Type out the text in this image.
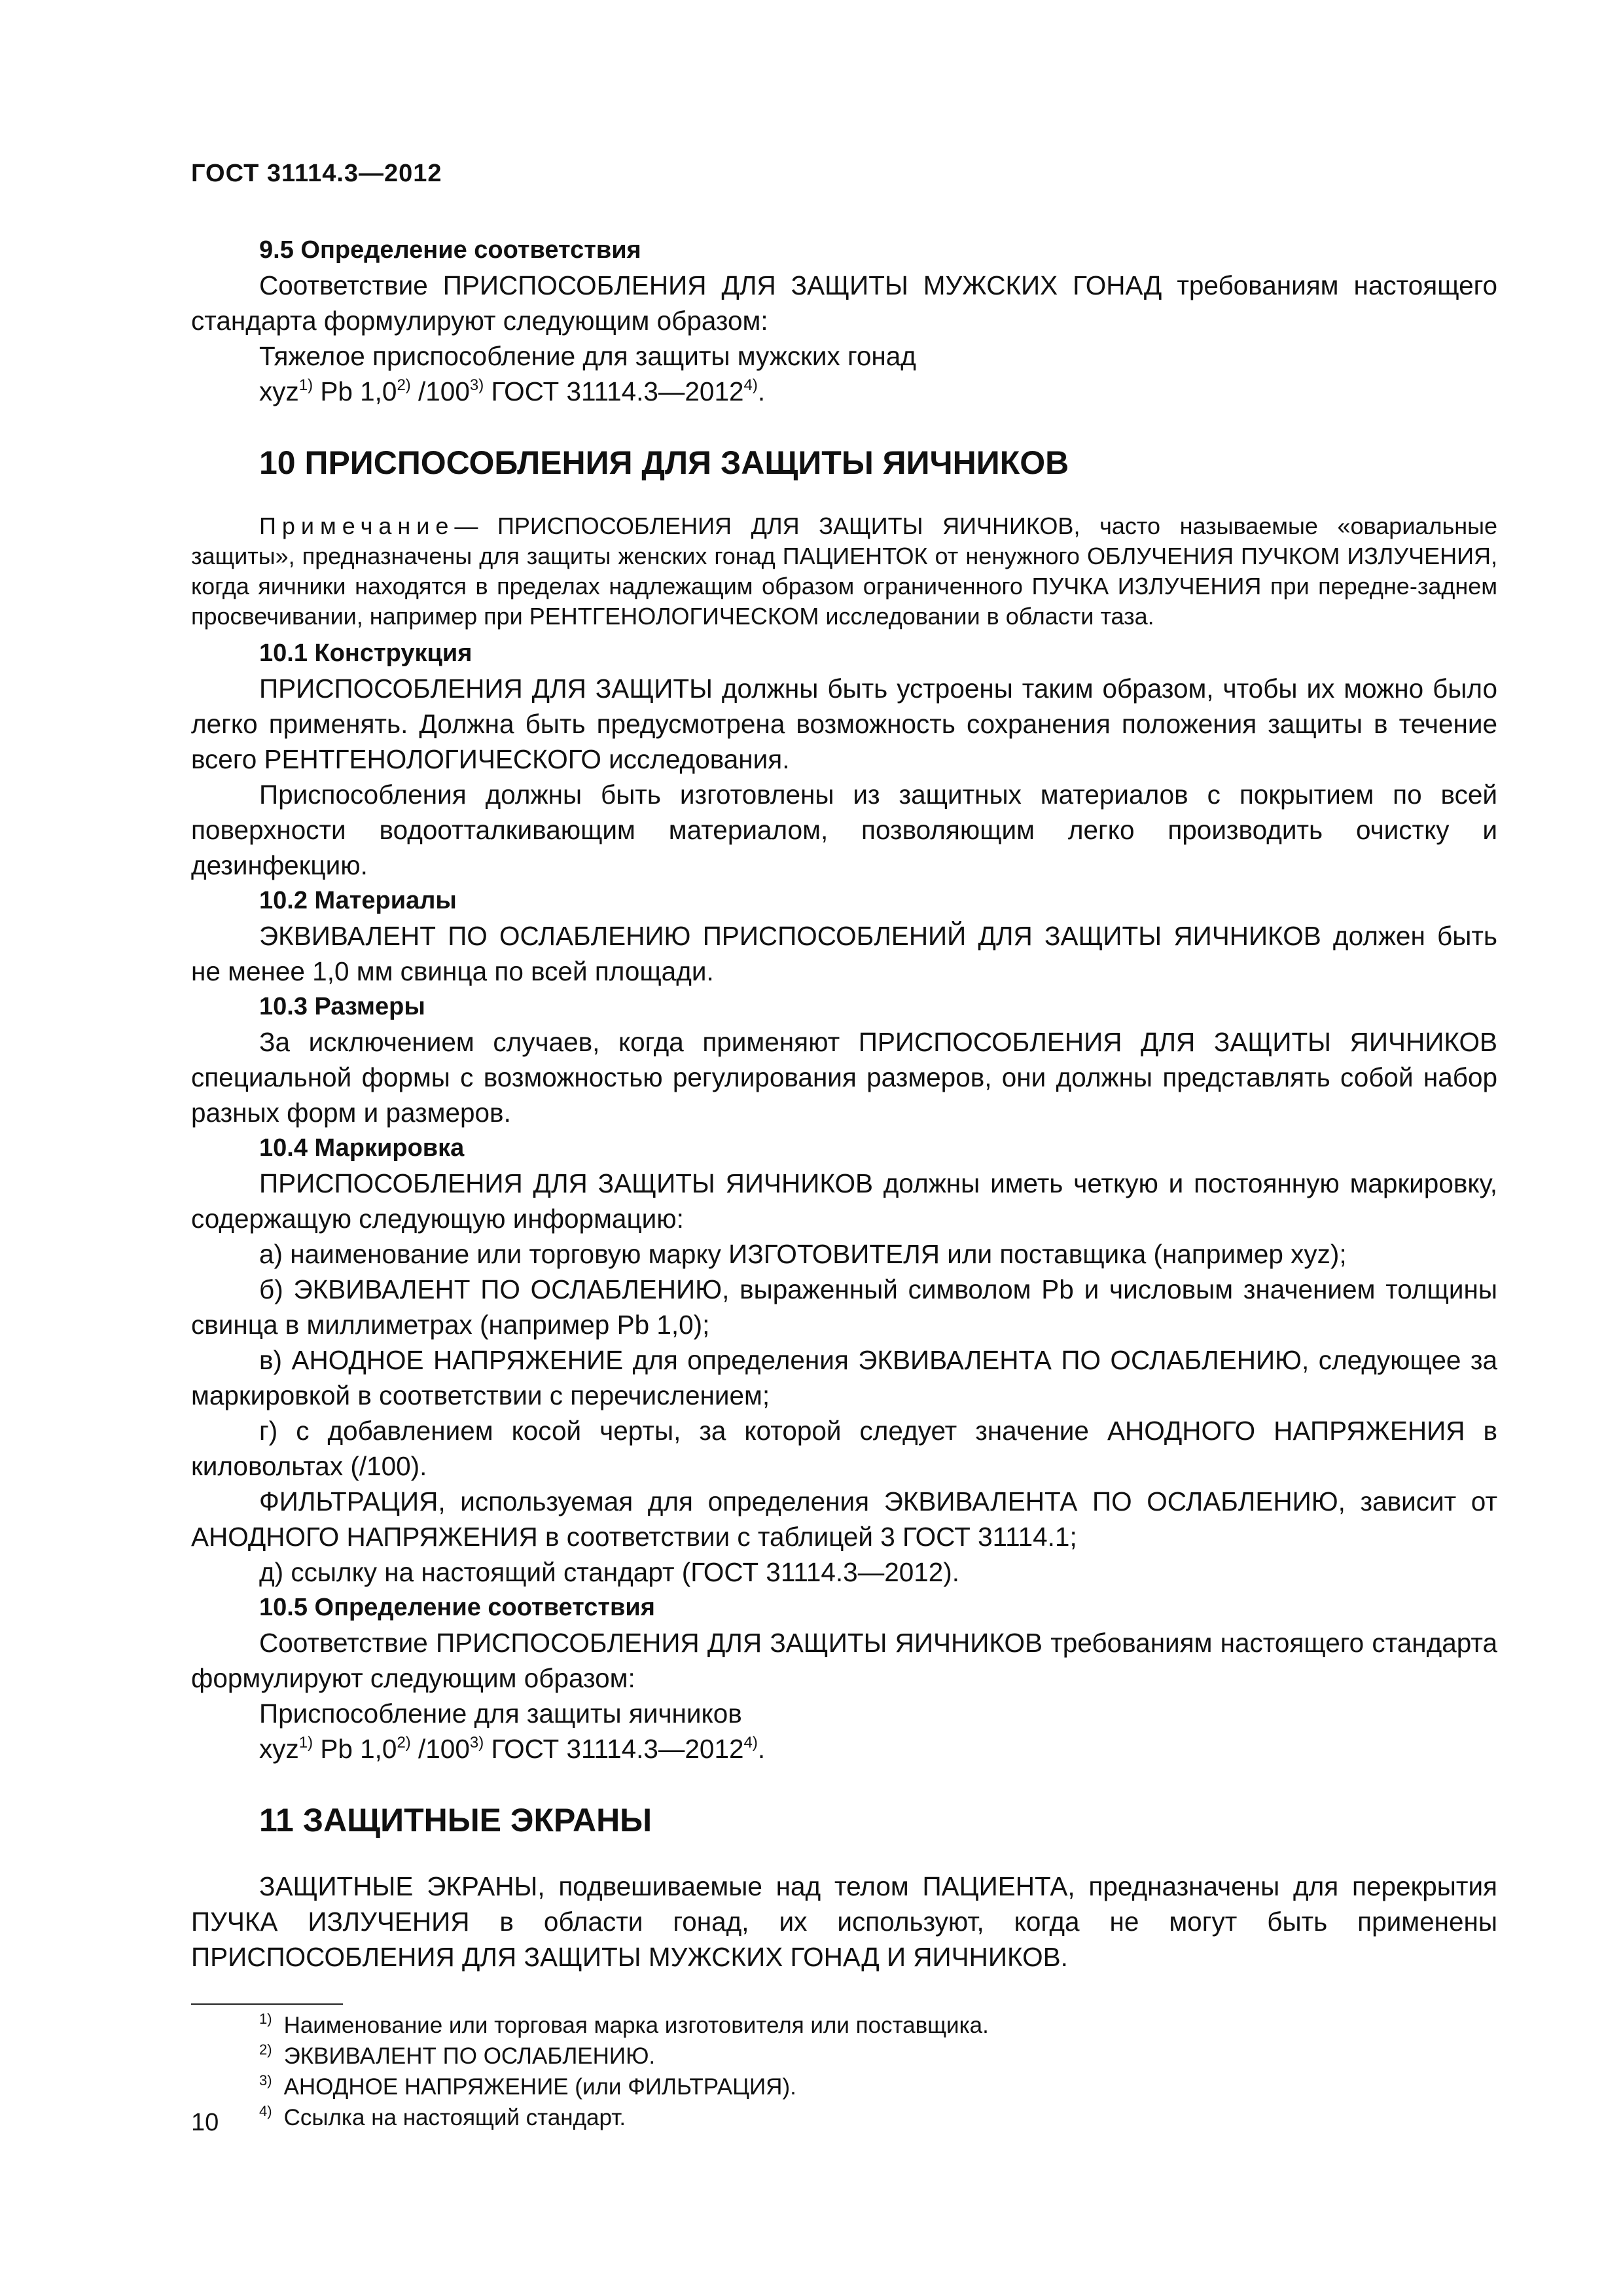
ГОСТ 31114.3—2012

9.5 Определение соответствия

Соответствие ПРИСПОСОБЛЕНИЯ ДЛЯ ЗАЩИТЫ МУЖСКИХ ГОНАД требованиям настоящего стандарта формулируют следующим образом:

Тяжелое приспособление для защиты мужских гонад

xyz$^{1)}$ Pb 1,0$^{2)}$ /100$^{3)}$ ГОСТ 31114.3—2012$^{4)}$.

10 ПРИСПОСОБЛЕНИЯ ДЛЯ ЗАЩИТЫ ЯИЧНИКОВ

Примечание— ПРИСПОСОБЛЕНИЯ ДЛЯ ЗАЩИТЫ ЯИЧНИКОВ, часто называемые «овариальные защиты», предназначены для защиты женских гонад ПАЦИЕНТОК от ненужного ОБЛУЧЕНИЯ ПУЧКОМ ИЗЛУЧЕНИЯ, когда яичники находятся в пределах надлежащим образом ограниченного ПУЧКА ИЗЛУЧЕНИЯ при передне-заднем просвечивании, например при РЕНТГЕНОЛОГИЧЕСКОМ исследовании в области таза.

10.1 Конструкция

ПРИСПОСОБЛЕНИЯ ДЛЯ ЗАЩИТЫ должны быть устроены таким образом, чтобы их можно было легко применять. Должна быть предусмотрена возможность сохранения положения защиты в течение всего РЕНТГЕНОЛОГИЧЕСКОГО исследования.

Приспособления должны быть изготовлены из защитных материалов с покрытием по всей поверхности водоотталкивающим материалом, позволяющим легко производить очистку и дезинфекцию.

10.2 Материалы

ЭКВИВАЛЕНТ ПО ОСЛАБЛЕНИЮ ПРИСПОСОБЛЕНИЙ ДЛЯ ЗАЩИТЫ ЯИЧНИКОВ должен быть не менее 1,0 мм свинца по всей площади.

10.3 Размеры

За исключением случаев, когда применяют ПРИСПОСОБЛЕНИЯ ДЛЯ ЗАЩИТЫ ЯИЧНИКОВ специальной формы с возможностью регулирования размеров, они должны представлять собой набор разных форм и размеров.

10.4 Маркировка

ПРИСПОСОБЛЕНИЯ ДЛЯ ЗАЩИТЫ ЯИЧНИКОВ должны иметь четкую и постоянную маркировку, содержащую следующую информацию:

а) наименование или торговую марку ИЗГОТОВИТЕЛЯ или поставщика (например xyz);

б) ЭКВИВАЛЕНТ ПО ОСЛАБЛЕНИЮ, выраженный символом Pb и числовым значением толщины свинца в миллиметрах (например Pb 1,0);

в) АНОДНОЕ НАПРЯЖЕНИЕ для определения ЭКВИВАЛЕНТА ПО ОСЛАБЛЕНИЮ, следующее за маркировкой в соответствии с перечислением;

г) с добавлением косой черты, за которой следует значение АНОДНОГО НАПРЯЖЕНИЯ в киловольтах (/100).

ФИЛЬТРАЦИЯ, используемая для определения ЭКВИВАЛЕНТА ПО ОСЛАБЛЕНИЮ, зависит от АНОДНОГО НАПРЯЖЕНИЯ в соответствии с таблицей 3 ГОСТ 31114.1;

д) ссылку на настоящий стандарт (ГОСТ 31114.3—2012).

10.5 Определение соответствия

Соответствие ПРИСПОСОБЛЕНИЯ ДЛЯ ЗАЩИТЫ ЯИЧНИКОВ требованиям настоящего стандарта формулируют следующим образом:

Приспособление для защиты яичников

xyz$^{1)}$ Pb 1,0$^{2)}$ /100$^{3)}$ ГОСТ 31114.3—2012$^{4)}$.

11 ЗАЩИТНЫЕ ЭКРАНЫ

ЗАЩИТНЫЕ ЭКРАНЫ, подвешиваемые над телом ПАЦИЕНТА, предназначены для перекрытия ПУЧКА ИЗЛУЧЕНИЯ в области гонад, их используют, когда не могут быть применены ПРИСПОСОБЛЕНИЯ ДЛЯ ЗАЩИТЫ МУЖСКИХ ГОНАД И ЯИЧНИКОВ.

$^{1)}$ Наименование или торговая марка изготовителя или поставщика.

$^{2)}$ ЭКВИВАЛЕНТ ПО ОСЛАБЛЕНИЮ.

$^{3)}$ АНОДНОЕ НАПРЯЖЕНИЕ (или ФИЛЬТРАЦИЯ).

$^{4)}$ Ссылка на настоящий стандарт.

10
